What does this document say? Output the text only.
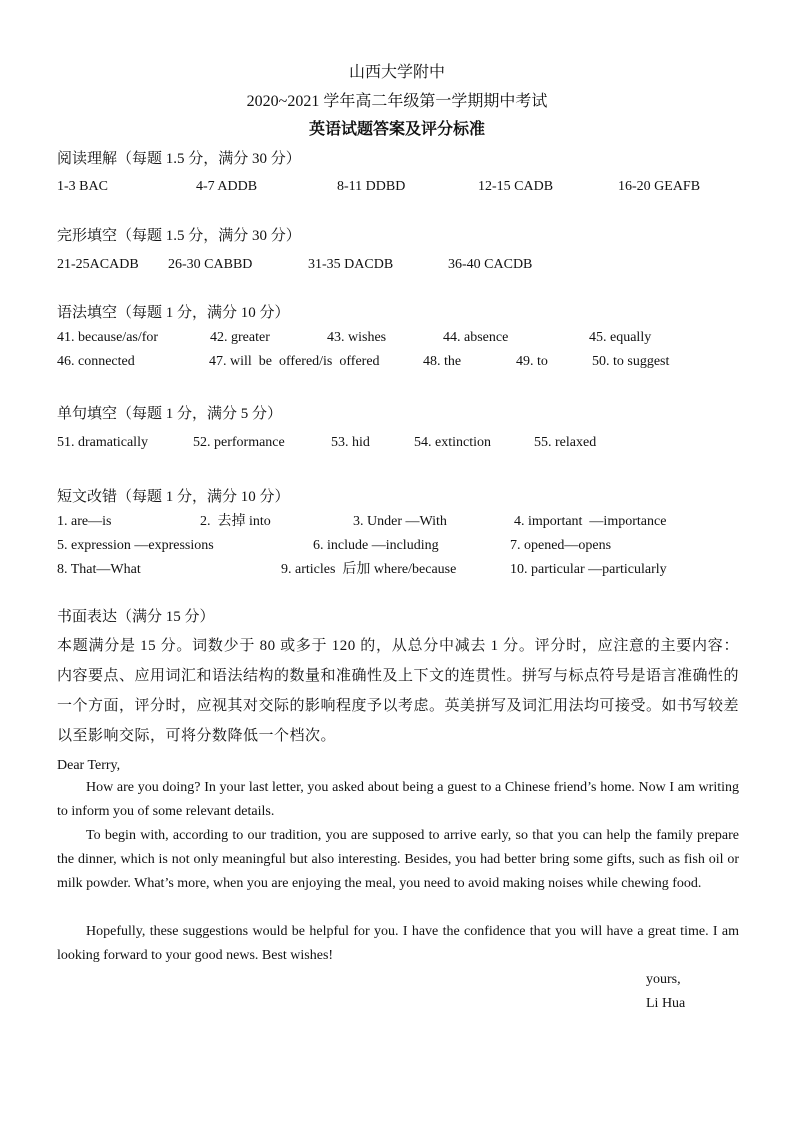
山西大学附中
2020~2021 学年高二年级第一学期期中考试
英语试题答案及评分标准
阅读理解（每题 1.5 分，满分 30 分）
1-3 BAC	4-7 ADDB	8-11 DDBD	12-15 CADB	16-20 GEAFB
完形填空（每题 1.5 分，满分 30 分）
21-25ACADB 26-30 CABBD	31-35 DACDB	36-40 CACDB
语法填空（每题 1 分，满分 10 分）
41. because/as/for	42. greater	43. wishes	44. absence	45. equally
46. connected	47. will  be  offered/is  offered	48. the	49. to	50. to suggest
单句填空（每题 1 分，满分 5 分）
51. dramatically	52. performance	53. hid	54. extinction	55. relaxed
短文改错（每题 1 分，满分 10 分）
1. are—is	2.  去掉 into	3. Under —With	4. important  —importance
5. expression —expressions	6. include —including	7. opened—opens
8. That—What	9. articles  后加 where/because	10. particular —particularly
书面表达（满分 15 分）
本题满分是 15 分。词数少于 80 或多于 120 的，从总分中减去 1 分。评分时，应注意的主要内容：内容要点、应用词汇和语法结构的数量和准确性及上下文的连贯性。拼写与标点符号是语言准确性的一个方面，评分时，应视其对交际的影响程度予以考虑。英美拼写及词汇用法均可接受。如书写较差以至影响交际，可将分数降低一个档次。
Dear Terry,
How are you doing? In your last letter, you asked about being a guest to a Chinese friend’s home. Now I am writing to inform you of some relevant details.
To begin with, according to our tradition, you are supposed to arrive early, so that you can help the family prepare the dinner, which is not only meaningful but also interesting. Besides, you had better bring some gifts, such as fish oil or milk powder. What’s more, when you are enjoying the meal, you need to avoid making noises while chewing food.
Hopefully, these suggestions would be helpful for you. I have the confidence that you will have a great time. I am looking forward to your good news. Best wishes!
yours,
Li Hua
